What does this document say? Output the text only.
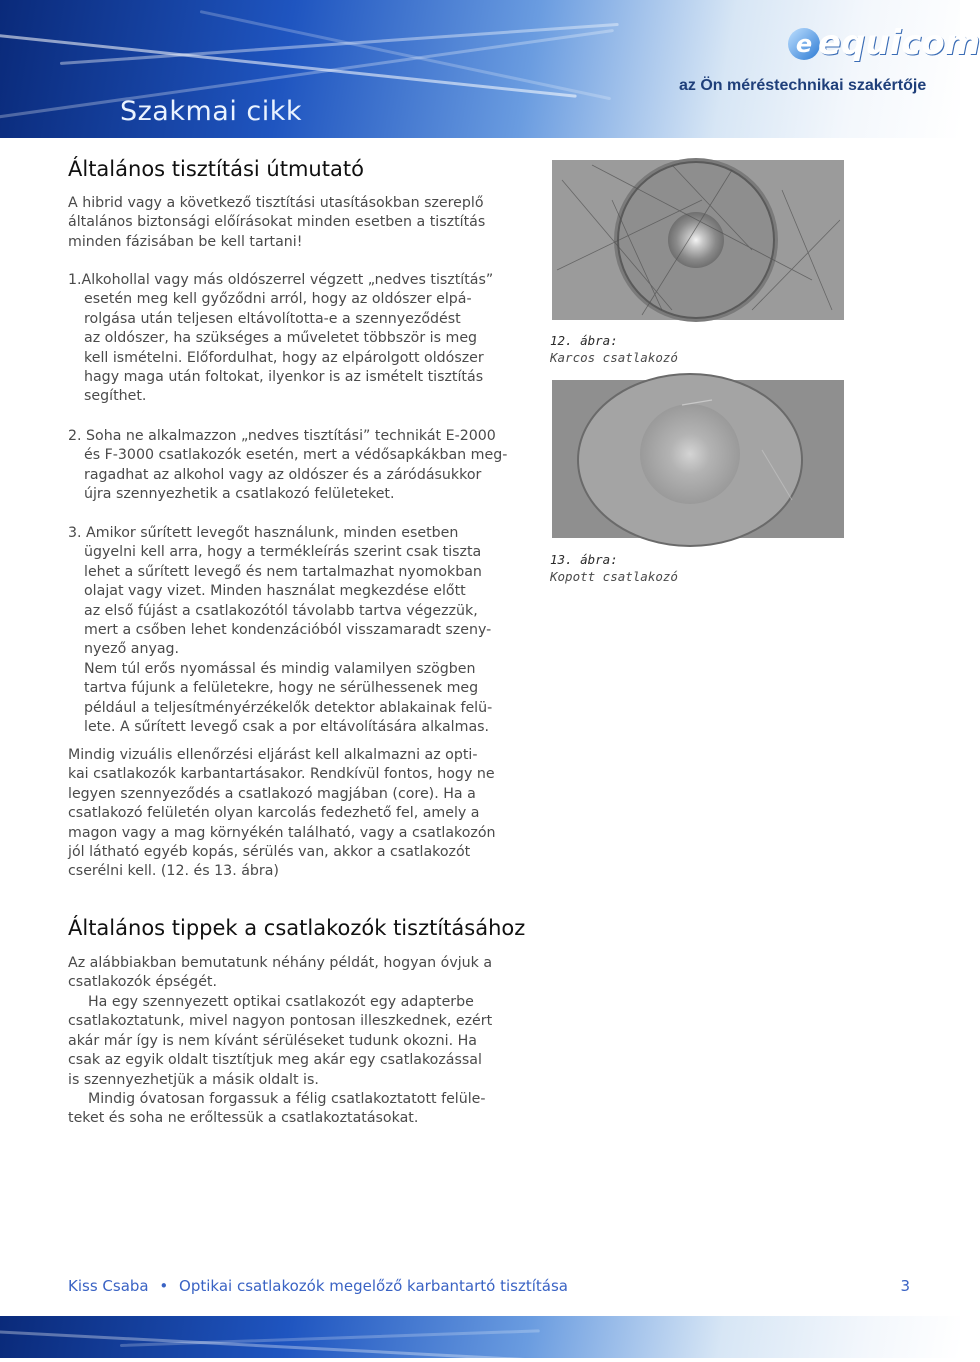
Szakmai cikk
e equicom
az Ön méréstechnikai szakértője
Általános tisztítási útmutató
A hibrid vagy a következő tisztítási utasításokban szereplő
általános biztonsági előírásokat minden esetben a tisztítás
minden fázisában be kell tartani!
1.Alkohollal vagy más oldószerrel végzett „nedves tisztítás”
esetén meg kell győződni arról, hogy az oldószer elpá-
rolgása után teljesen eltávolította-e a szennyeződést
az oldószer, ha szükséges a műveletet többször is meg
kell ismételni. Előfordulhat, hogy az elpárolgott oldószer
hagy maga után foltokat, ilyenkor is az ismételt tisztítás
segíthet.
2. Soha ne alkalmazzon „nedves tisztítási” technikát E-2000
és F-3000 csatlakozók esetén, mert a védősapkákban meg-
ragadhat az alkohol vagy az oldószer és a záródásukkor
újra szennyezhetik a csatlakozó felületeket.
3. Amikor sűrített levegőt használunk, minden esetben
ügyelni kell arra, hogy a termékleírás szerint csak tiszta
lehet a sűrített levegő és nem tartalmazhat nyomokban
olajat vagy vizet. Minden használat megkezdése előtt
az első fújást a csatlakozótól távolabb tartva végezzük,
mert a csőben lehet kondenzációból visszamaradt szeny-
nyező anyag.
Nem túl erős nyomással és mindig valamilyen szögben
tartva fújunk a felületekre, hogy ne sérülhessenek meg
például a teljesítményérzékelők detektor ablakainak felü-
lete. A sűrített levegő csak a por eltávolítására alkalmas.
Mindig vizuális ellenőrzési eljárást kell alkalmazni az opti-
kai csatlakozók karbantartásakor. Rendkívül fontos, hogy ne
legyen szennyeződés a csatlakozó magjában (core). Ha a
csatlakozó felületén olyan karcolás fedezhető fel, amely a
magon vagy a mag környékén található, vagy a csatlakozón
jól látható egyéb kopás, sérülés van, akkor a csatlakozót
cserélni kell. (12. és 13. ábra)
Általános tippek a csatlakozók tisztításához
Az alábbiakban bemutatunk néhány példát, hogyan óvjuk a
csatlakozók épségét.
Ha egy szennyezett optikai csatlakozót egy adapterbe
csatlakoztatunk, mivel nagyon pontosan illeszkednek, ezért
akár már így is nem kívánt sérüléseket tudunk okozni. Ha
csak az egyik oldalt tisztítjuk meg akár egy csatlakozással
is szennyezhetjük a másik oldalt is.
Mindig óvatosan forgassuk a félig csatlakoztatott felüle-
teket és soha ne erőltessük a csatlakoztatásokat.
12. ábra:
Karcos csatlakozó
13. ábra:
Kopott csatlakozó
Kiss Csaba • Optikai csatlakozók megelőző karbantartó tisztítása	3
